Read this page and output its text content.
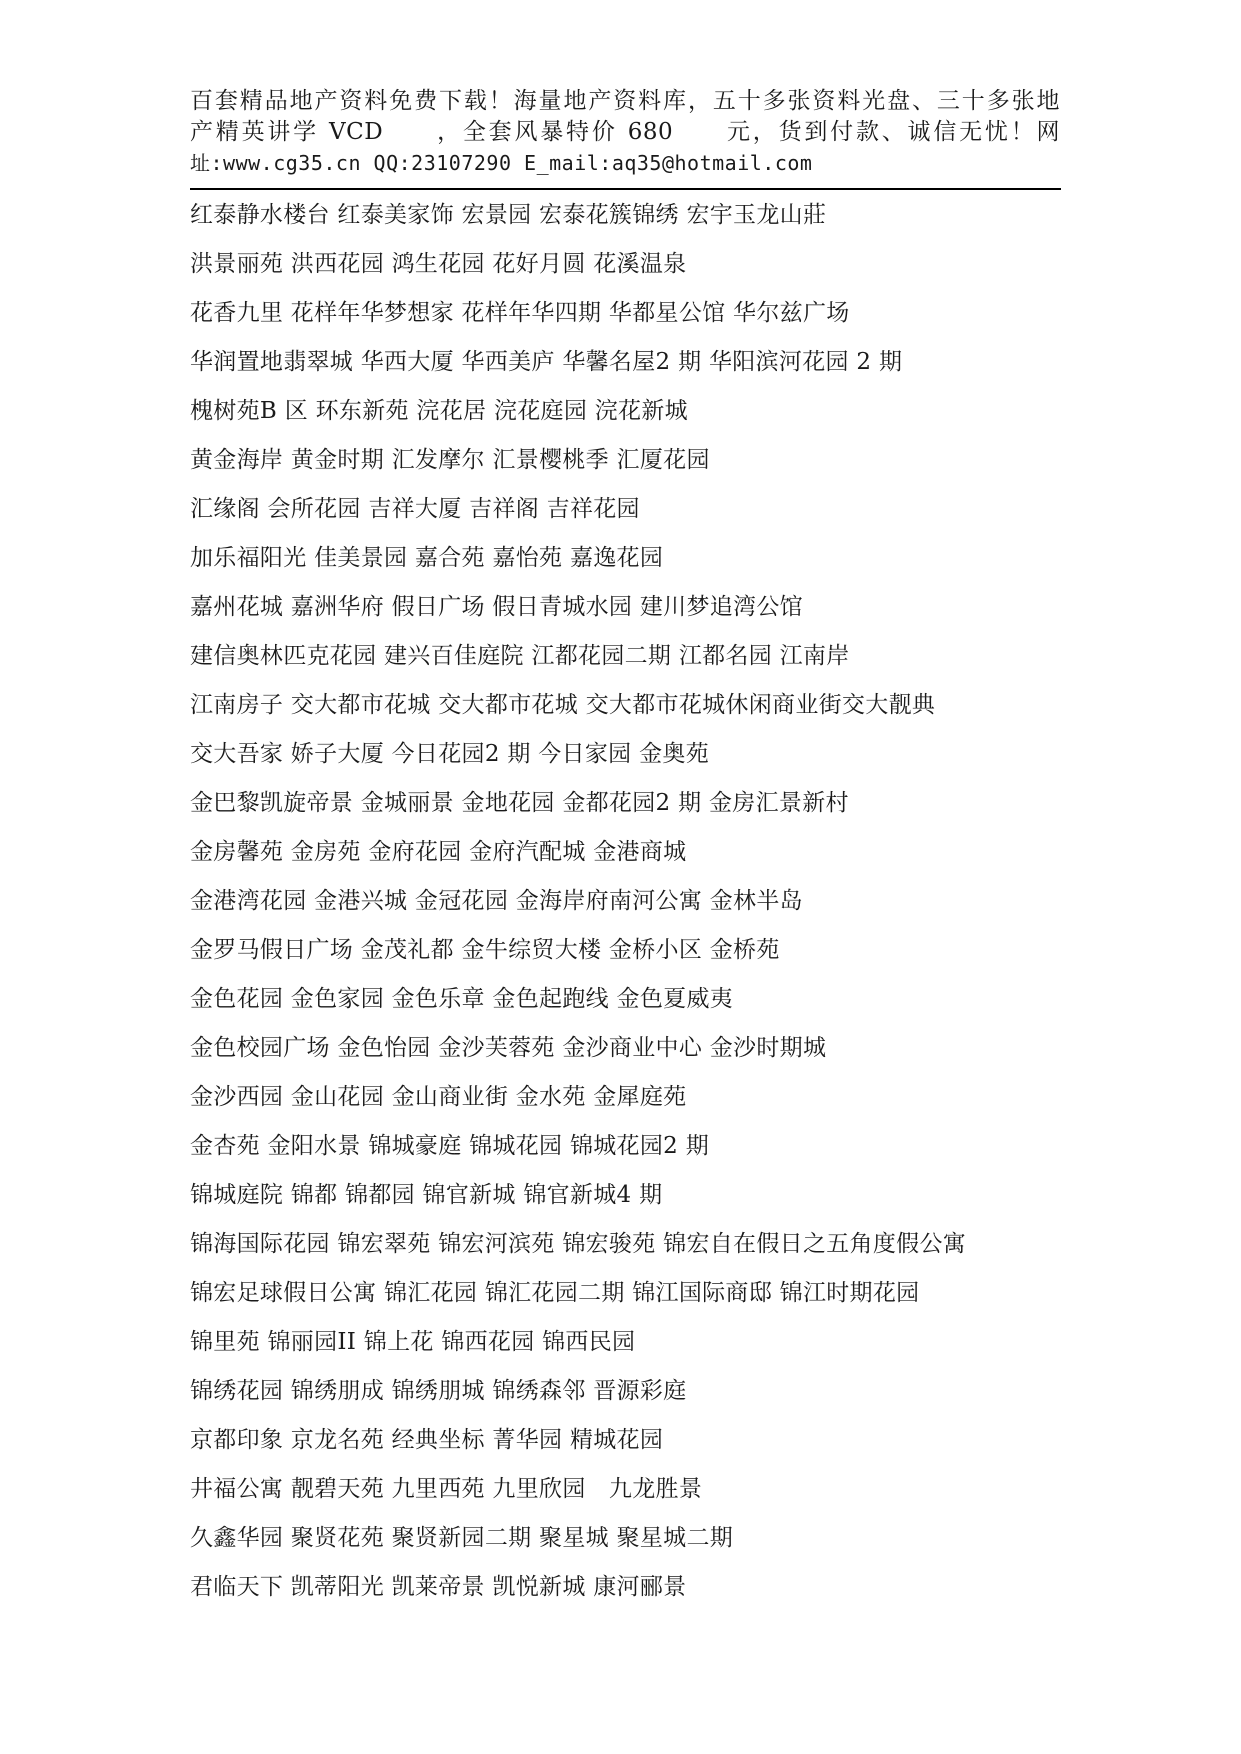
百套精品地产资料免费下载！海量地产资料库，五十多张资料光盘、三十多张地
产精英讲学 VCD　　，全套风暴特价 680　　元，货到付款、诚信无忧！网
址:www.cg35.cn QQ:23107290 E_mail:aq35@hotmail.com
红泰静水楼台 红泰美家饰 宏景园 宏泰花簇锦绣 宏宇玉龙山莊
洪景丽苑 洪西花园 鸿生花园 花好月圆 花溪温泉
花香九里 花样年华梦想家 花样年华四期 华都星公馆 华尔兹广场
华润置地翡翠城 华西大厦 华西美庐 华馨名屋2 期 华阳滨河花园 2 期
槐树苑B 区 环东新苑 浣花居 浣花庭园 浣花新城
黄金海岸 黄金时期 汇发摩尔 汇景樱桃季 汇厦花园
汇缘阁 会所花园 吉祥大厦 吉祥阁 吉祥花园
加乐福阳光 佳美景园 嘉合苑 嘉怡苑 嘉逸花园
嘉州花城 嘉洲华府 假日广场 假日青城水园 建川梦追湾公馆
建信奥林匹克花园 建兴百佳庭院 江都花园二期 江都名园 江南岸
江南房子 交大都市花城 交大都市花城 交大都市花城休闲商业街交大靓典
交大吾家 娇子大厦 今日花园2 期 今日家园 金奥苑
金巴黎凯旋帝景 金城丽景 金地花园 金都花园2 期 金房汇景新村
金房馨苑 金房苑 金府花园 金府汽配城 金港商城
金港湾花园 金港兴城 金冠花园 金海岸府南河公寓 金林半岛
金罗马假日广场 金茂礼都 金牛综贸大楼 金桥小区 金桥苑
金色花园 金色家园 金色乐章 金色起跑线 金色夏威夷
金色校园广场 金色怡园 金沙芙蓉苑 金沙商业中心 金沙时期城
金沙西园 金山花园 金山商业街 金水苑 金犀庭苑
金杏苑 金阳水景 锦城豪庭 锦城花园 锦城花园2 期
锦城庭院 锦都 锦都园 锦官新城 锦官新城4 期
锦海国际花园 锦宏翠苑 锦宏河滨苑 锦宏骏苑 锦宏自在假日之五角度假公寓
锦宏足球假日公寓 锦汇花园 锦汇花园二期 锦江国际商邸 锦江时期花园
锦里苑 锦丽园II 锦上花 锦西花园 锦西民园
锦绣花园 锦绣朋成 锦绣朋城 锦绣森邻 晋源彩庭
京都印象 京龙名苑 经典坐标 菁华园 精城花园
井福公寓 靓碧天苑 九里西苑 九里欣园　九龙胜景
久鑫华园 聚贤花苑 聚贤新园二期 聚星城 聚星城二期
君临天下 凯蒂阳光 凯莱帝景 凯悦新城 康河郦景
